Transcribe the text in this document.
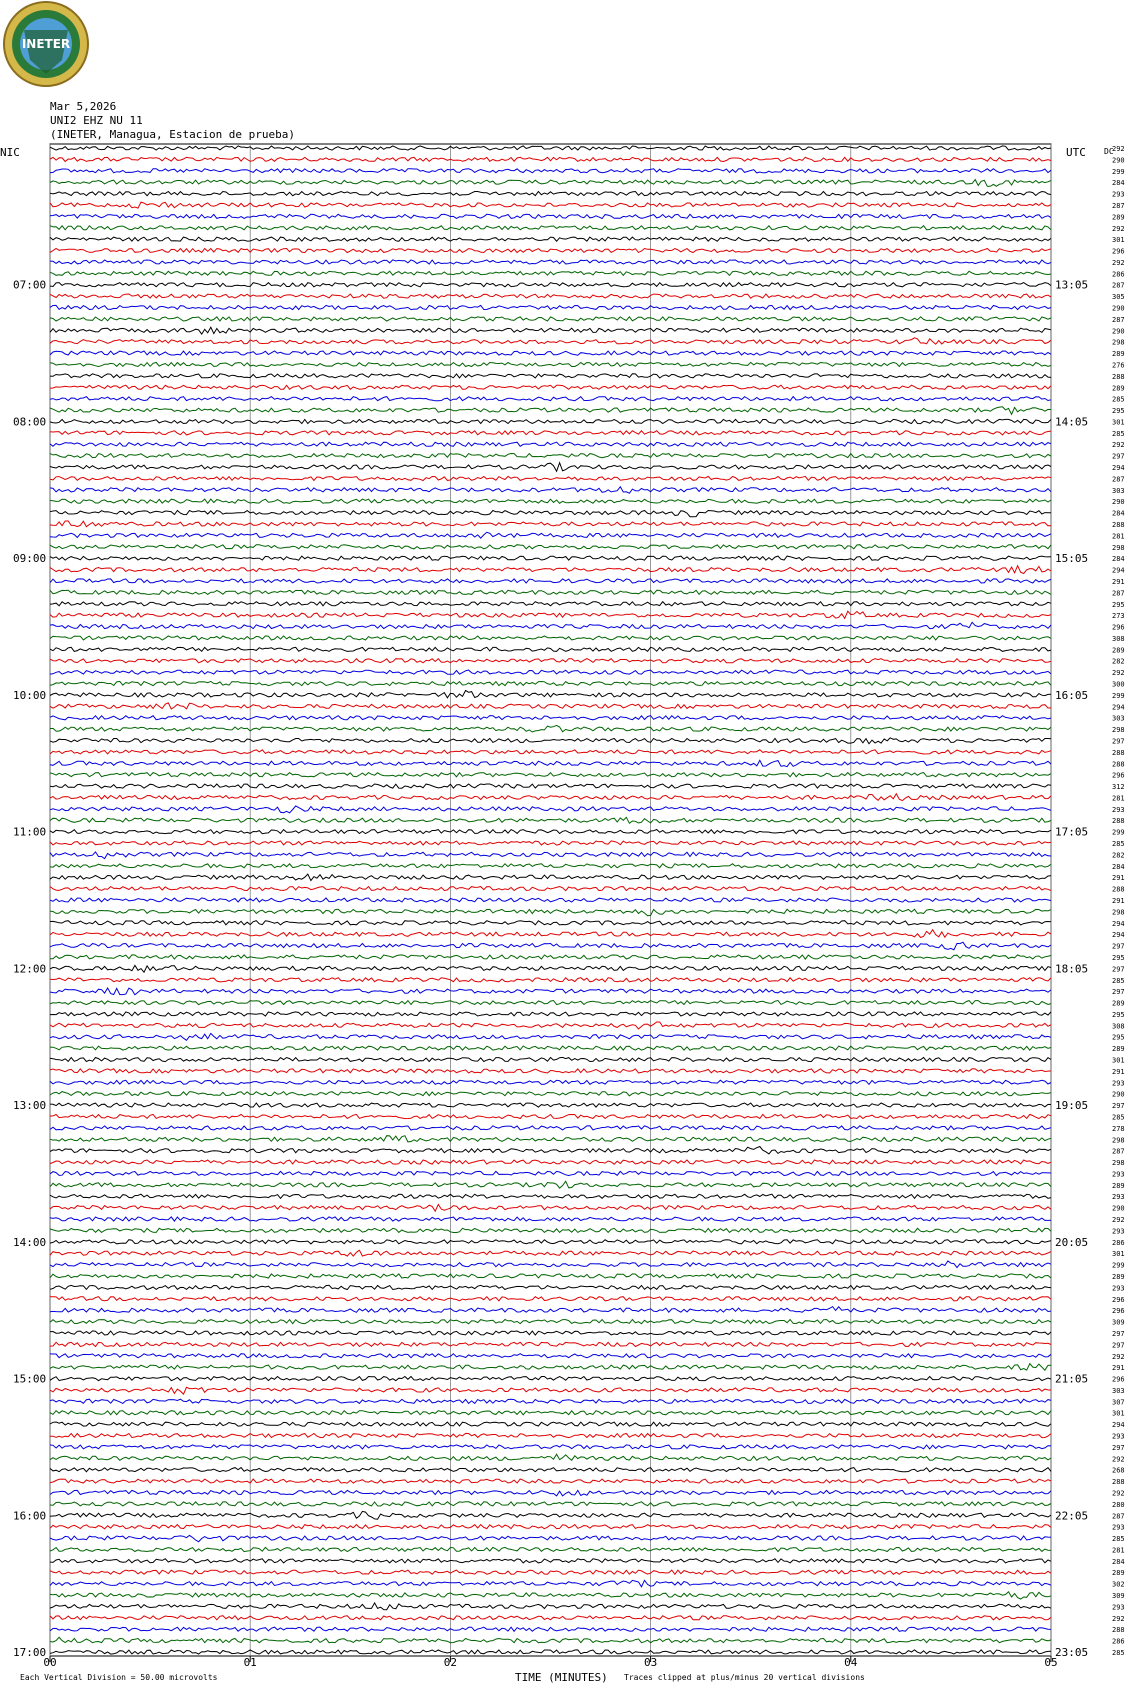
INETER
Mar 5,2026
UNI2 EHZ NU 11
(INETER, Managua, Estacion de prueba)
NIC	UTC DC
07:00	13:05
08:00	14:05
09:00	15:05
10:00	16:05
11:00	17:05
12:00	18:05
13:00	19:05
14:00	20:05
15:00	21:05
16:00	22:05
17:00	23:05
292
290
299
284
293
287
289
292
301
296
292
286
287
305
290
287
290
298
289
276
288
289
285
295
301
285
292
297
294
287
303
290
284
288
281
298
284
294
291
287
295
273
296
308
289
282
292
300
299
294
303
298
297
288
288
296
312
281
293
288
299
285
282
284
291
288
291
298
294
294
297
295
297
285
297
289
295
308
295
289
301
291
293
290
297
285
278
298
287
298
293
289
293
290
292
293
286
301
299
289
293
296
296
309
297
297
292
291
296
303
307
301
294
293
297
292
268
288
292
280
287
293
285
281
284
289
302
309
293
292
288
286
285
00	01	02	03	04	05
TIME (MINUTES)
Each Vertical Division = 50.00 microvolts	Traces clipped at plus/minus 20 vertical divisions
